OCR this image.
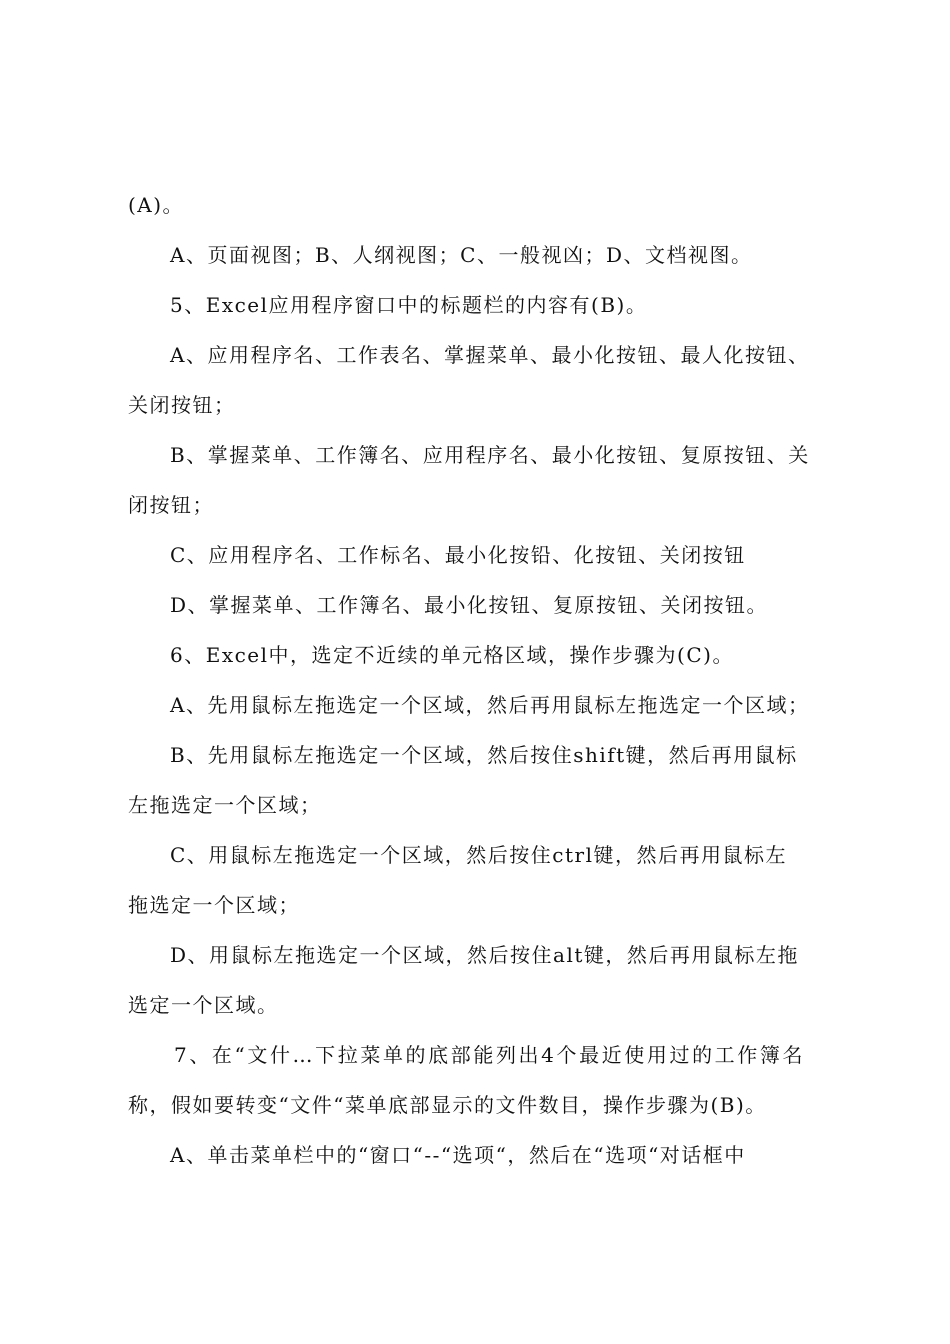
(A)。
A、页面视图；B、人纲视图；C、一般视凶；D、文档视图。
5、Excel应用程序窗口中的标题栏的内容有(B)。
A、应用程序名、工作表名、掌握菜单、最小化按钮、最人化按钮、
关闭按钮；
B、掌握菜单、工作簿名、应用程序名、最小化按钮、复原按钮、关
闭按钮；
C、应用程序名、工作标名、最小化按铅、化按钮、关闭按钮
D、掌握菜单、工作簿名、最小化按钮、复原按钮、关闭按钮。
6、Excel中，选定不近续的单元格区域，操作步骤为(C)。
A、先用鼠标左拖选定一个区域，然后再用鼠标左拖选定一个区域；
B、先用鼠标左拖选定一个区域，然后按住shift键，然后再用鼠标
左拖选定一个区域；
C、用鼠标左拖选定一个区域，然后按住ctrl键，然后再用鼠标左
拖选定一个区域；
D、用鼠标左拖选定一个区域，然后按住alt键，然后再用鼠标左拖
选定一个区域。
7、在“文什…下拉菜单的底部能列出4个最近使用过的工作簿名
称，假如要转变“文件“菜单底部显示的文件数目，操作步骤为(B)。
A、单击菜单栏中的“窗口“--“选项“，然后在“选项“对话框中
